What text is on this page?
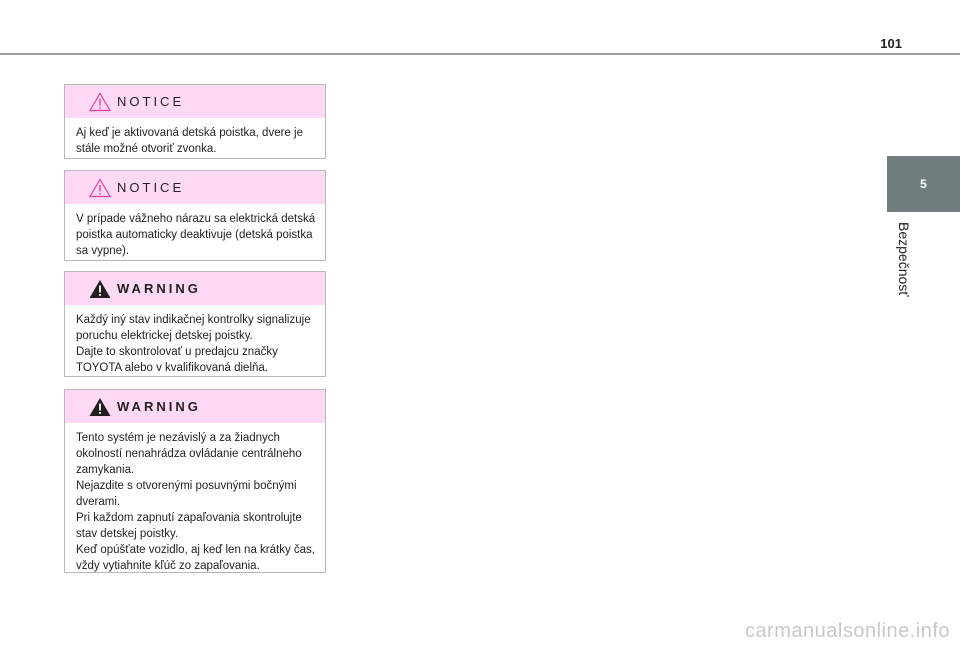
101
5
Bezpečnosť
NOTICE

Aj keď je aktivovaná detská poistka, dvere je stále možné otvoriť zvonka.

NOTICE

V prípade vážneho nárazu sa elektrická detská poistka automaticky deaktivuje (detská poistka sa vypne).

WARNING

Každý iný stav indikačnej kontrolky signalizuje poruchu elektrickej detskej poistky.

Dajte to skontrolovať u predajcu značky TOYOTA alebo v kvalifikovaná dielňa.

WARNING

Tento systém je nezávislý a za žiadnych okolností nenahrádza ovládanie centrálneho zamykania.

Nejazdite s otvorenými posuvnými bočnými dverami.

Pri každom zapnutí zapaľovania skontrolujte stav detskej poistky.

Keď opúšťate vozidlo, aj keď len na krátky čas, vždy vytiahnite kľúč zo zapaľovania.

carmanualsonline.info
